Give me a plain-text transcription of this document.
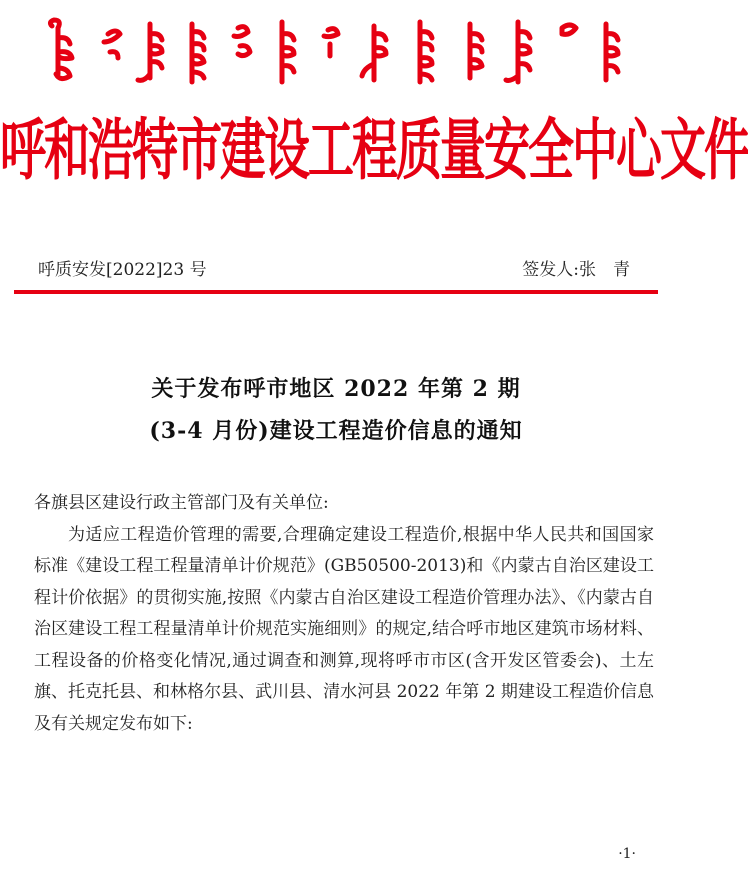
呼和浩特市建设工程质量安全中心文件
呼质安发[2022]23 号	签发人:张　青
关于发布呼市地区 2022 年第 2 期
(3-4 月份)建设工程造价信息的通知

各旗县区建设行政主管部门及有关单位:

为适应工程造价管理的需要,合理确定建设工程造价,根据中华人民共和国国家标准《建设工程工程量清单计价规范》(GB50500-2013)和《内蒙古自治区建设工程计价依据》的贯彻实施,按照《内蒙古自治区建设工程造价管理办法》、《内蒙古自治区建设工程工程量清单计价规范实施细则》的规定,结合呼市地区建筑市场材料、工程设备的价格变化情况,通过调查和测算,现将呼市市区(含开发区管委会)、土左旗、托克托县、和林格尔县、武川县、清水河县 2022 年第 2 期建设工程造价信息及有关规定发布如下:

·1·
